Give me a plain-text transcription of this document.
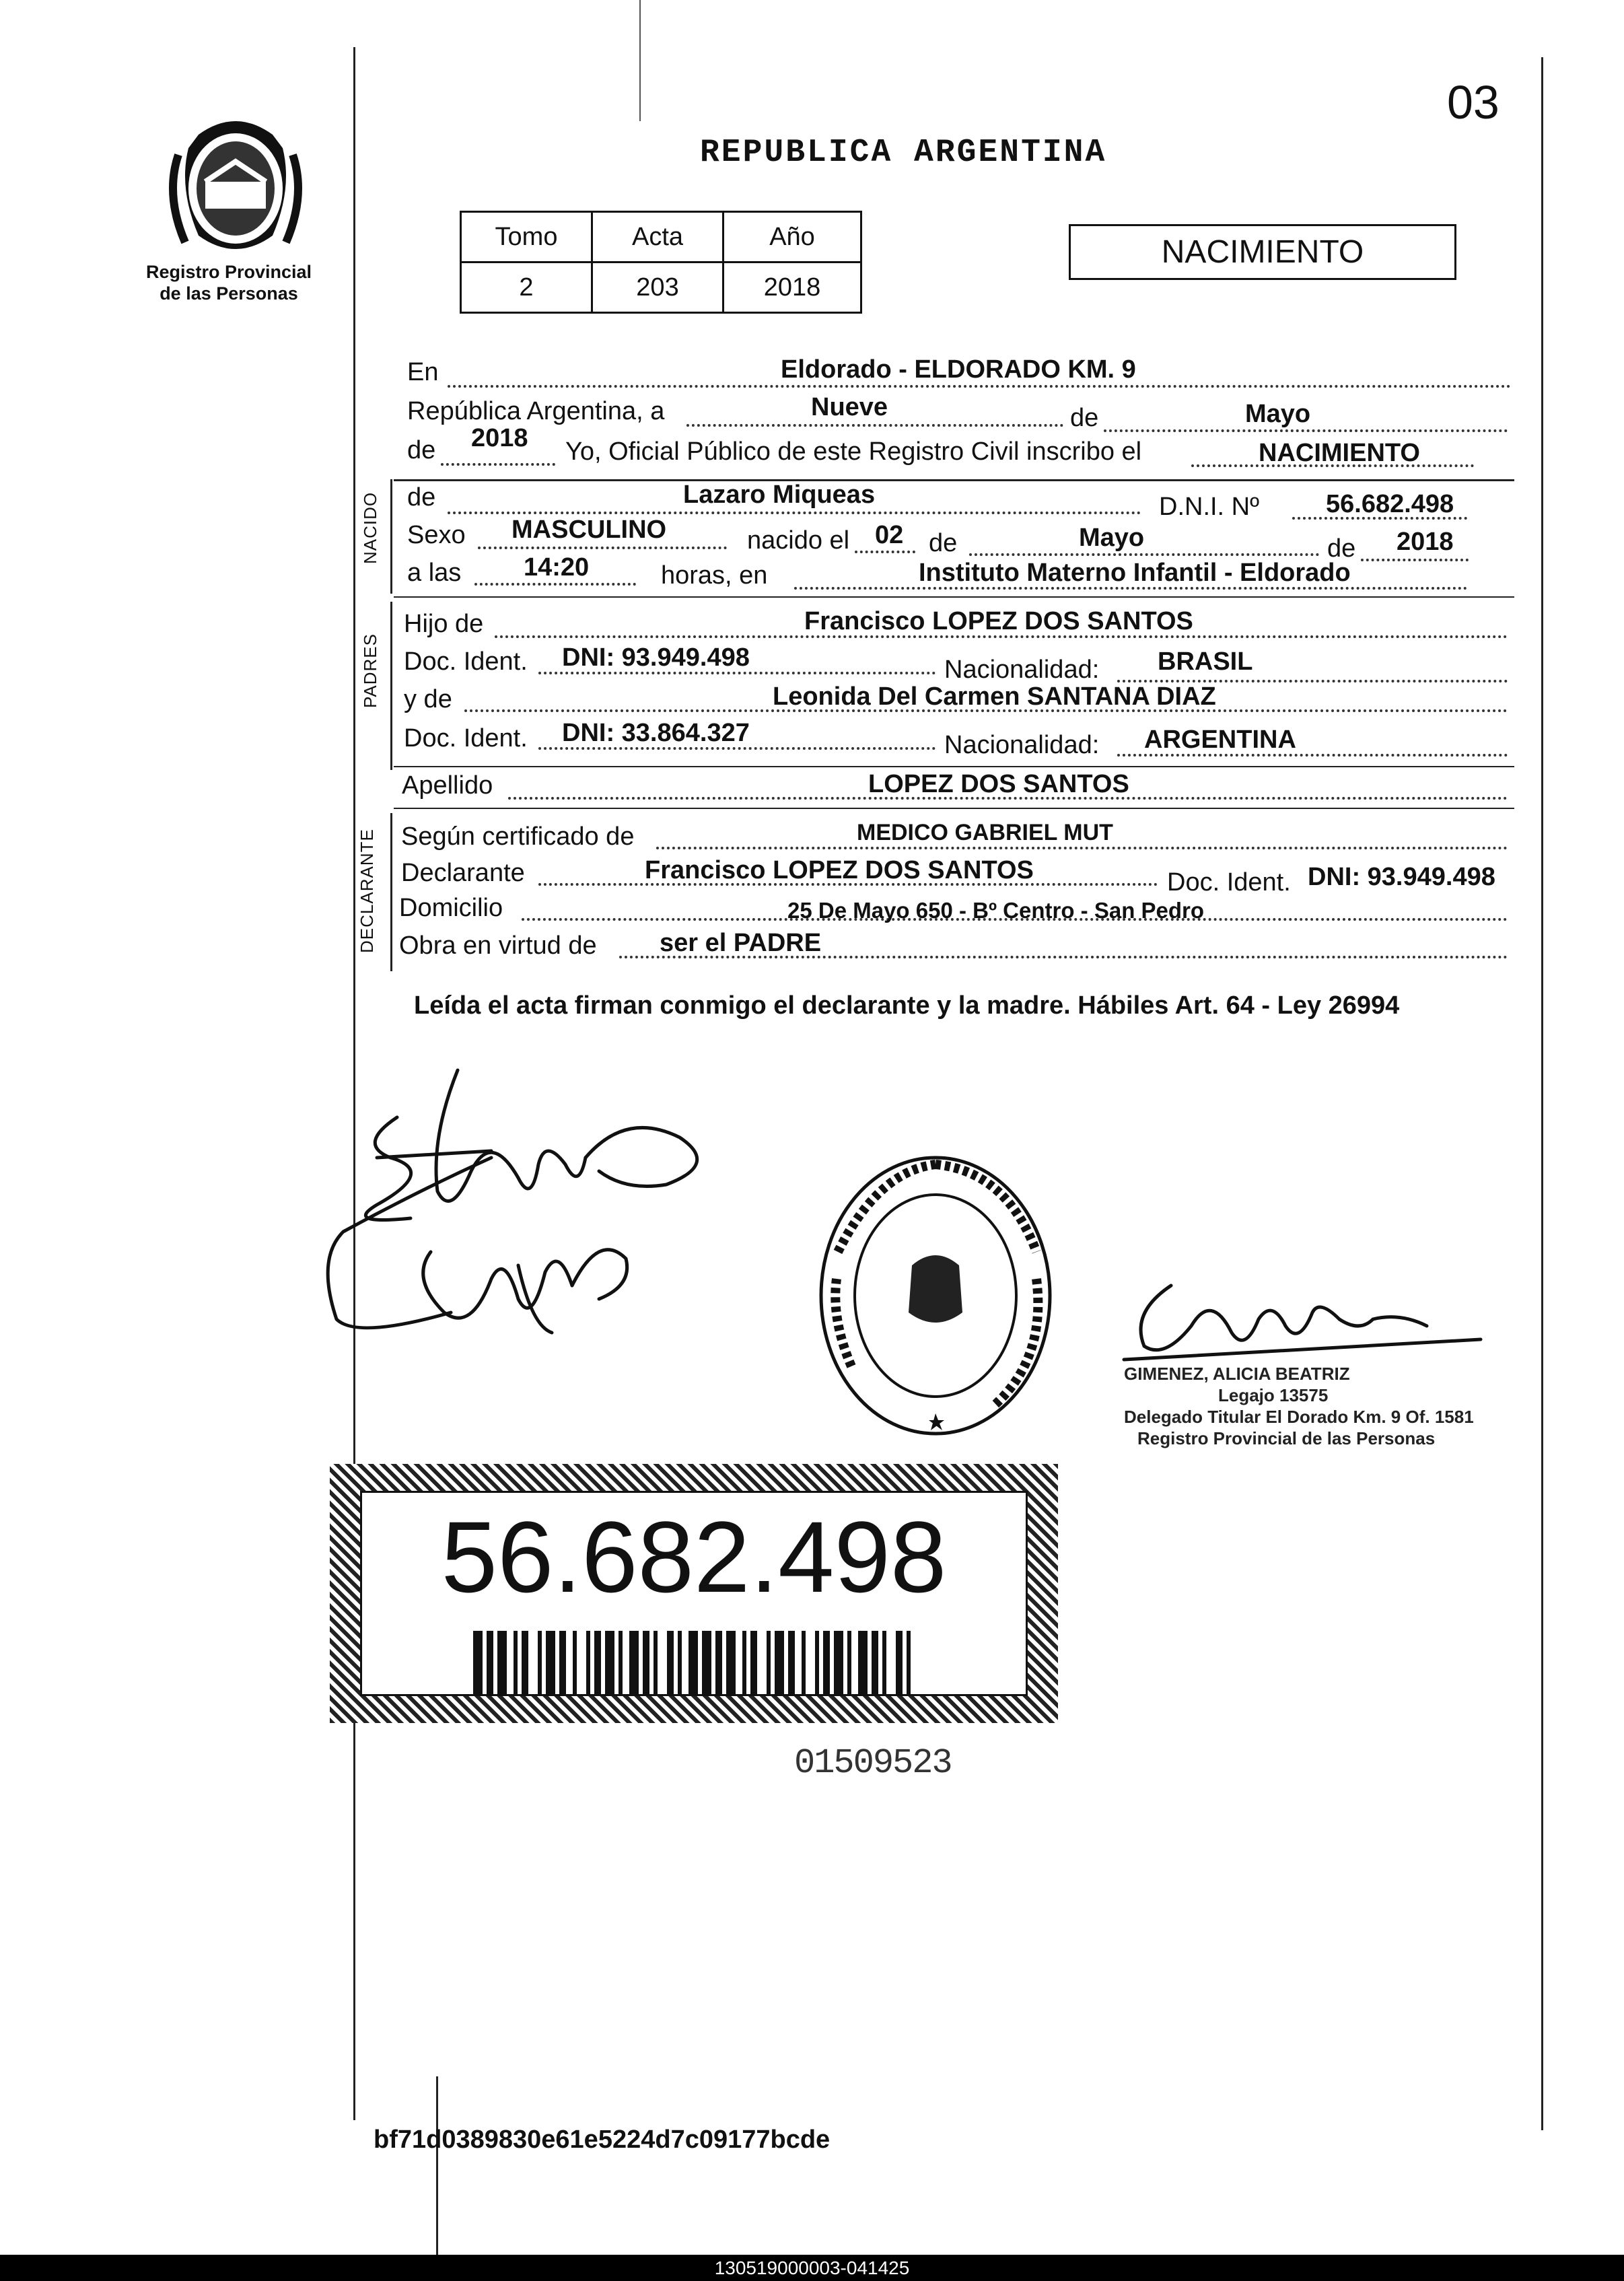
Registro Provincial
de las Personas
03
REPUBLICA ARGENTINA
Tomo	Acta	Año
2	203	2018
NACIMIENTO
En	Eldorado - ELDORADO KM. 9
República Argentina, a	Nueve	de	Mayo
de 2018 Yo, Oficial Público de este Registro Civil inscribo el	NACIMIENTO
NACIDO de	Lazaro Miqueas	D.N.I. Nº	56.682.498
Sexo MASCULINO	nacido el 02 de	Mayo	de 2018
a las 14:20	horas, en	Instituto Materno Infantil - Eldorado
PADRES
Hijo de	Francisco LOPEZ DOS SANTOS
Doc. Ident. DNI: 93.949.498	Nacionalidad: BRASIL
y de	Leonida Del Carmen SANTANA DIAZ
Doc. Ident. DNI: 33.864.327	Nacionalidad: ARGENTINA
Apellido	LOPEZ DOS SANTOS
DECLARANTE Según certificado de	MEDICO GABRIEL MUT
Declarante	Francisco LOPEZ DOS SANTOS	Doc. Ident. DNI: 93.949.498
Domicilio	25 De Mayo 650 - Bº Centro - San Pedro
Obra en virtud de ser el PADRE
Leída el acta firman conmigo el declarante y la madre. Hábiles Art. 64 - Ley 26994
GIMENEZ, ALICIA BEATRIZ
Legajo 13575
Delegado Titular El Dorado Km. 9 Of. 1581
Registro Provincial de las Personas
56.682.498
01509523
bf71d0389830e61e5224d7c09177bcde
130519000003-041425
